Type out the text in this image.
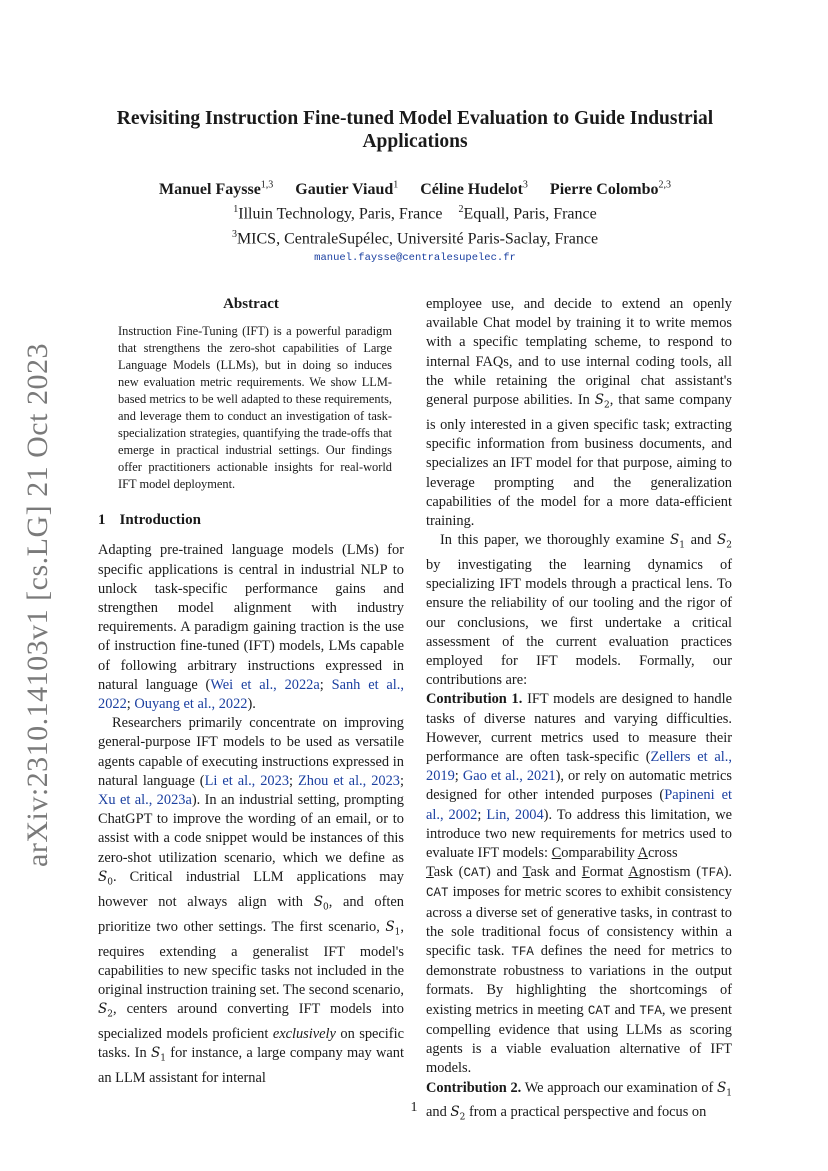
arXiv:2310.14103v1 [cs.LG] 21 Oct 2023
Revisiting Instruction Fine-tuned Model Evaluation to Guide Industrial Applications
Manuel Faysse$^{1,3}$ Gautier Viaud$^1$ Céline Hudelot$^3$ Pierre Colombo$^{2,3}$
$^1$Illuin Technology, Paris, France $^2$Equall, Paris, France
$^3$MICS, CentraleSupélec, Université Paris-Saclay, France
manuel.faysse@centralesupelec.fr
Abstract

Instruction Fine-Tuning (IFT) is a powerful paradigm that strengthens the zero-shot capabilities of Large Language Models (LLMs), but in doing so induces new evaluation metric requirements. We show LLM-based metrics to be well adapted to these requirements, and leverage them to conduct an investigation of task-specialization strategies, quantifying the trade-offs that emerge in practical industrial settings. Our findings offer practitioners actionable insights for real-world IFT model deployment.

1 Introduction

Adapting pre-trained language models (LMs) for specific applications is central in industrial NLP to unlock task-specific performance gains and strengthen model alignment with industry requirements. A paradigm gaining traction is the use of instruction fine-tuned (IFT) models, LMs capable of following arbitrary instructions expressed in natural language (Wei et al., 2022a; Sanh et al., 2022; Ouyang et al., 2022).

Researchers primarily concentrate on improving general-purpose IFT models to be used as versatile agents capable of executing instructions expressed in natural language (Li et al., 2023; Zhou et al., 2023; Xu et al., 2023a). In an industrial setting, prompting ChatGPT to improve the wording of an email, or to assist with a code snippet would be instances of this zero-shot utilization scenario, which we define as $S_0$. Critical industrial LLM applications may however not always align with $S_0$, and often prioritize two other settings. The first scenario, $S_1$, requires extending a generalist IFT model's capabilities to new specific tasks not included in the original instruction training set. The second scenario, $S_2$, centers around converting IFT models into specialized models proficient exclusively on specific tasks. In $S_1$ for instance, a large company may want an LLM assistant for internal

employee use, and decide to extend an openly available Chat model by training it to write memos with a specific templating scheme, to respond to internal FAQs, and to use internal coding tools, all the while retaining the original chat assistant's general purpose abilities. In $S_2$, that same company is only interested in a given specific task; extracting specific information from business documents, and specializes an IFT model for that purpose, aiming to leverage prompting and the generalization capabilities of the model for a more data-efficient training.

In this paper, we thoroughly examine $S_1$ and $S_2$ by investigating the learning dynamics of specializing IFT models through a practical lens. To ensure the reliability of our tooling and the rigor of our conclusions, we first undertake a critical assessment of the current evaluation practices employed for IFT models. Formally, our contributions are:

Contribution 1. IFT models are designed to handle tasks of diverse natures and varying difficulties. However, current metrics used to measure their performance are often task-specific (Zellers et al., 2019; Gao et al., 2021), or rely on automatic metrics designed for other intended purposes (Papineni et al., 2002; Lin, 2004). To address this limitation, we introduce two new requirements for metrics used to evaluate IFT models: Comparability Across
Task (CAT) and Task and Format Agnostism (TFA). CAT imposes for metric scores to exhibit consistency across a diverse set of generative tasks, in contrast to the sole traditional focus of consistency within a specific task. TFA defines the need for metrics to demonstrate robustness to variations in the output formats. By highlighting the shortcomings of existing metrics in meeting CAT and TFA, we present compelling evidence that using LLMs as scoring agents is a viable evaluation alternative of IFT models.

Contribution 2. We approach our examination of $S_1$ and $S_2$ from a practical perspective and focus on

1
